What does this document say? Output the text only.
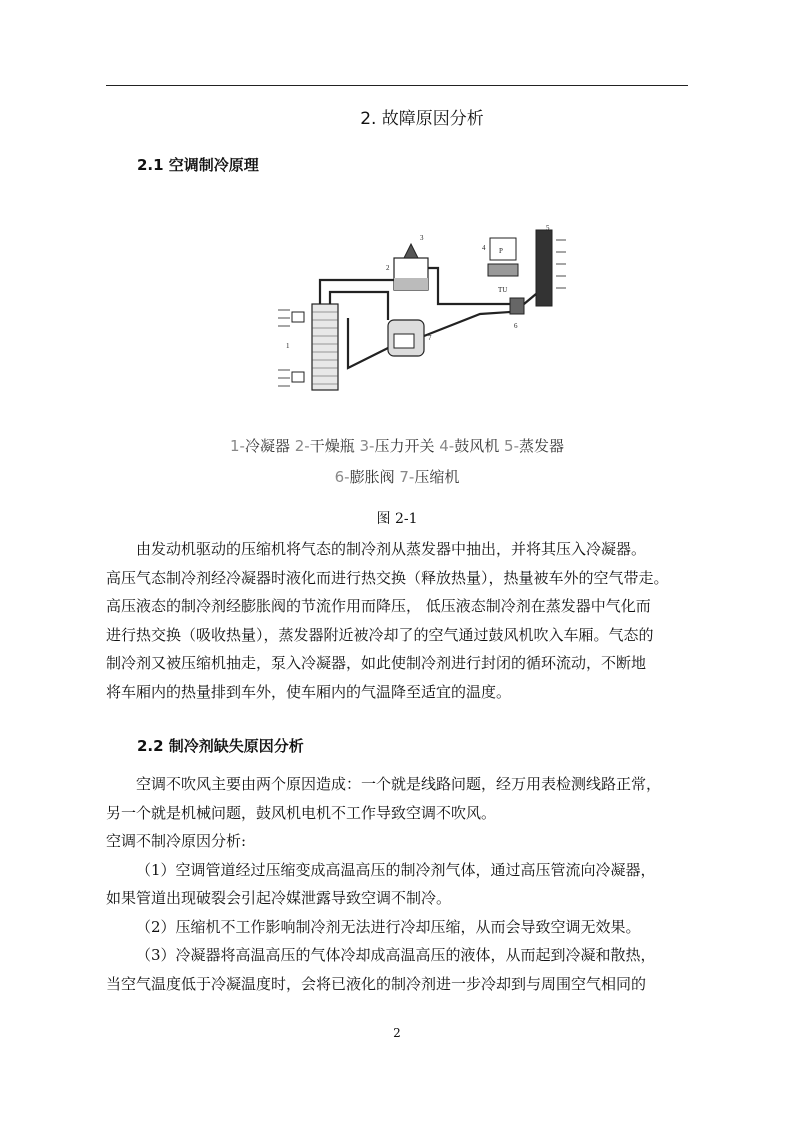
2. 故障原因分析
2.1 空调制冷原理
1
2
3
4
5
6
7
P
TU
1-冷凝器 2-干燥瓶 3-压力开关 4-鼓风机 5-蒸发器
6-膨胀阀 7-压缩机
图 2-1

由发动机驱动的压缩机将气态的制冷剂从蒸发器中抽出，并将其压入冷凝器。

高压气态制冷剂经冷凝器时液化而进行热交换（释放热量），热量被车外的空气带走。

高压液态的制冷剂经膨胀阀的节流作用而降压， 低压液态制冷剂在蒸发器中气化而

进行热交换（吸收热量），蒸发器附近被冷却了的空气通过鼓风机吹入车厢。气态的

制冷剂又被压缩机抽走，泵入冷凝器，如此使制冷剂进行封闭的循环流动，不断地

将车厢内的热量排到车外，使车厢内的气温降至适宜的温度。

2.2 制冷剂缺失原因分析

空调不吹风主要由两个原因造成：一个就是线路问题，经万用表检测线路正常，

另一个就是机械问题，鼓风机电机不工作导致空调不吹风。

空调不制冷原因分析:

（1）空调管道经过压缩变成高温高压的制冷剂气体，通过高压管流向冷凝器，

如果管道出现破裂会引起冷媒泄露导致空调不制冷。

（2）压缩机不工作影响制冷剂无法进行冷却压缩，从而会导致空调无效果。

（3）冷凝器将高温高压的气体冷却成高温高压的液体，从而起到冷凝和散热，

当空气温度低于冷凝温度时，会将已液化的制冷剂进一步冷却到与周围空气相同的

2
